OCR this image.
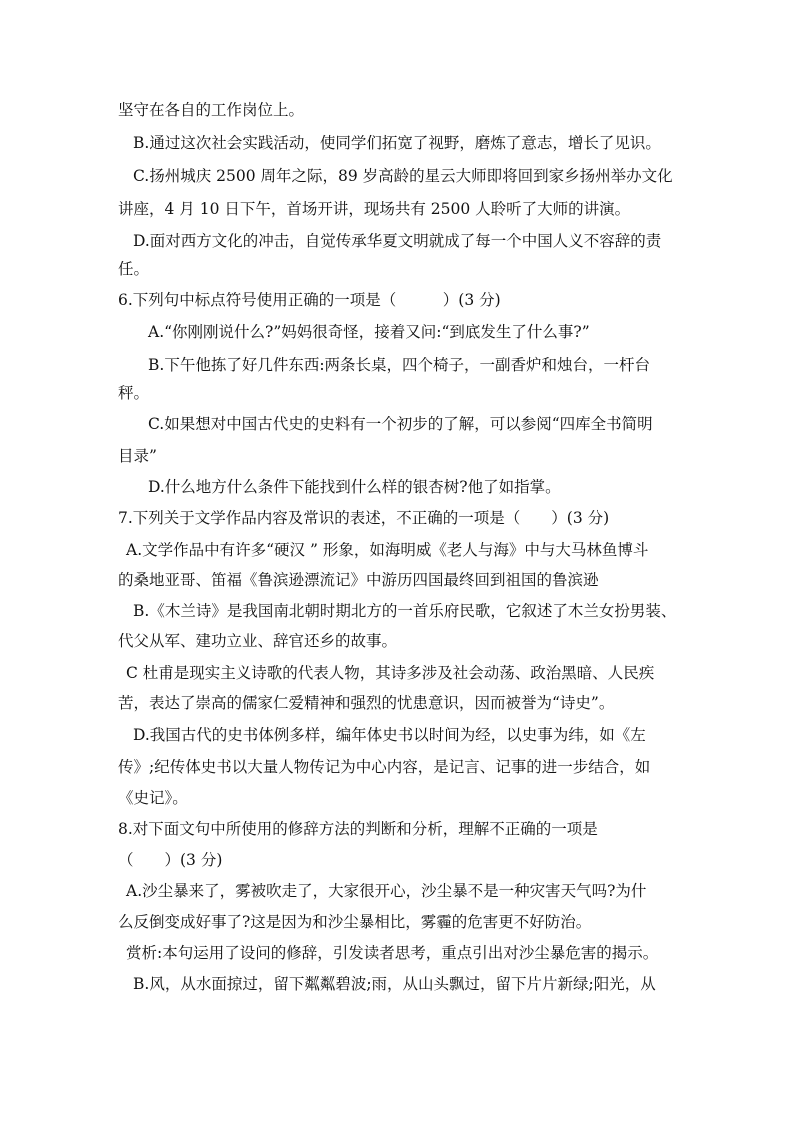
坚守在各自的工作岗位上。
B.通过这次社会实践活动，使同学们拓宽了视野，磨炼了意志，增长了见识。
C.扬州城庆 2500 周年之际，89 岁高龄的星云大师即将回到家乡扬州举办文化
讲座，4 月 10 日下午，首场开讲，现场共有 2500 人聆听了大师的讲演。
D.面对西方文化的冲击，自觉传承华夏文明就成了每一个中国人义不容辞的责
任。
6.下列句中标点符号使用正确的一项是（　　　）(3 分)
A.“你刚刚说什么?”妈妈很奇怪，接着又问:“到底发生了什么事?”
B.下午他拣了好几件东西:两条长桌，四个椅子，一副香炉和烛台，一杆台
秤。
C.如果想对中国古代史的史料有一个初步的了解，可以参阅“四库全书简明
目录”
D.什么地方什么条件下能找到什么样的银杏树?他了如指掌。
7.下列关于文学作品内容及常识的表述，不正确的一项是（　　）(3 分)
A.文学作品中有许多“硬汉 ” 形象，如海明威《老人与海》中与大马林鱼博斗
的桑地亚哥、笛福《鲁滨逊漂流记》中游历四国最终回到祖国的鲁滨逊
B.《木兰诗》是我国南北朝时期北方的一首乐府民歌，它叙述了木兰女扮男装、
代父从军、建功立业、辞官还乡的故事。
C 杜甫是现实主义诗歌的代表人物，其诗多涉及社会动荡、政治黑暗、人民疾
苦，表达了崇高的儒家仁爱精神和强烈的忧患意识，因而被誉为“诗史”。
D.我国古代的史书体例多样，编年体史书以时间为经，以史事为纬，如《左
传》;纪传体史书以大量人物传记为中心内容，是记言、记事的进一步结合，如
《史记》。
8.对下面文句中所使用的修辞方法的判断和分析，理解不正确的一项是
（　　）(3 分)
A.沙尘暴来了，雾被吹走了，大家很开心，沙尘暴不是一种灾害天气吗?为什
么反倒变成好事了?这是因为和沙尘暴相比，雾霾的危害更不好防治。
赏析:本句运用了设问的修辞，引发读者思考，重点引出对沙尘暴危害的揭示。
B.风，从水面掠过，留下粼粼碧波;雨，从山头飘过，留下片片新绿;阳光，从
